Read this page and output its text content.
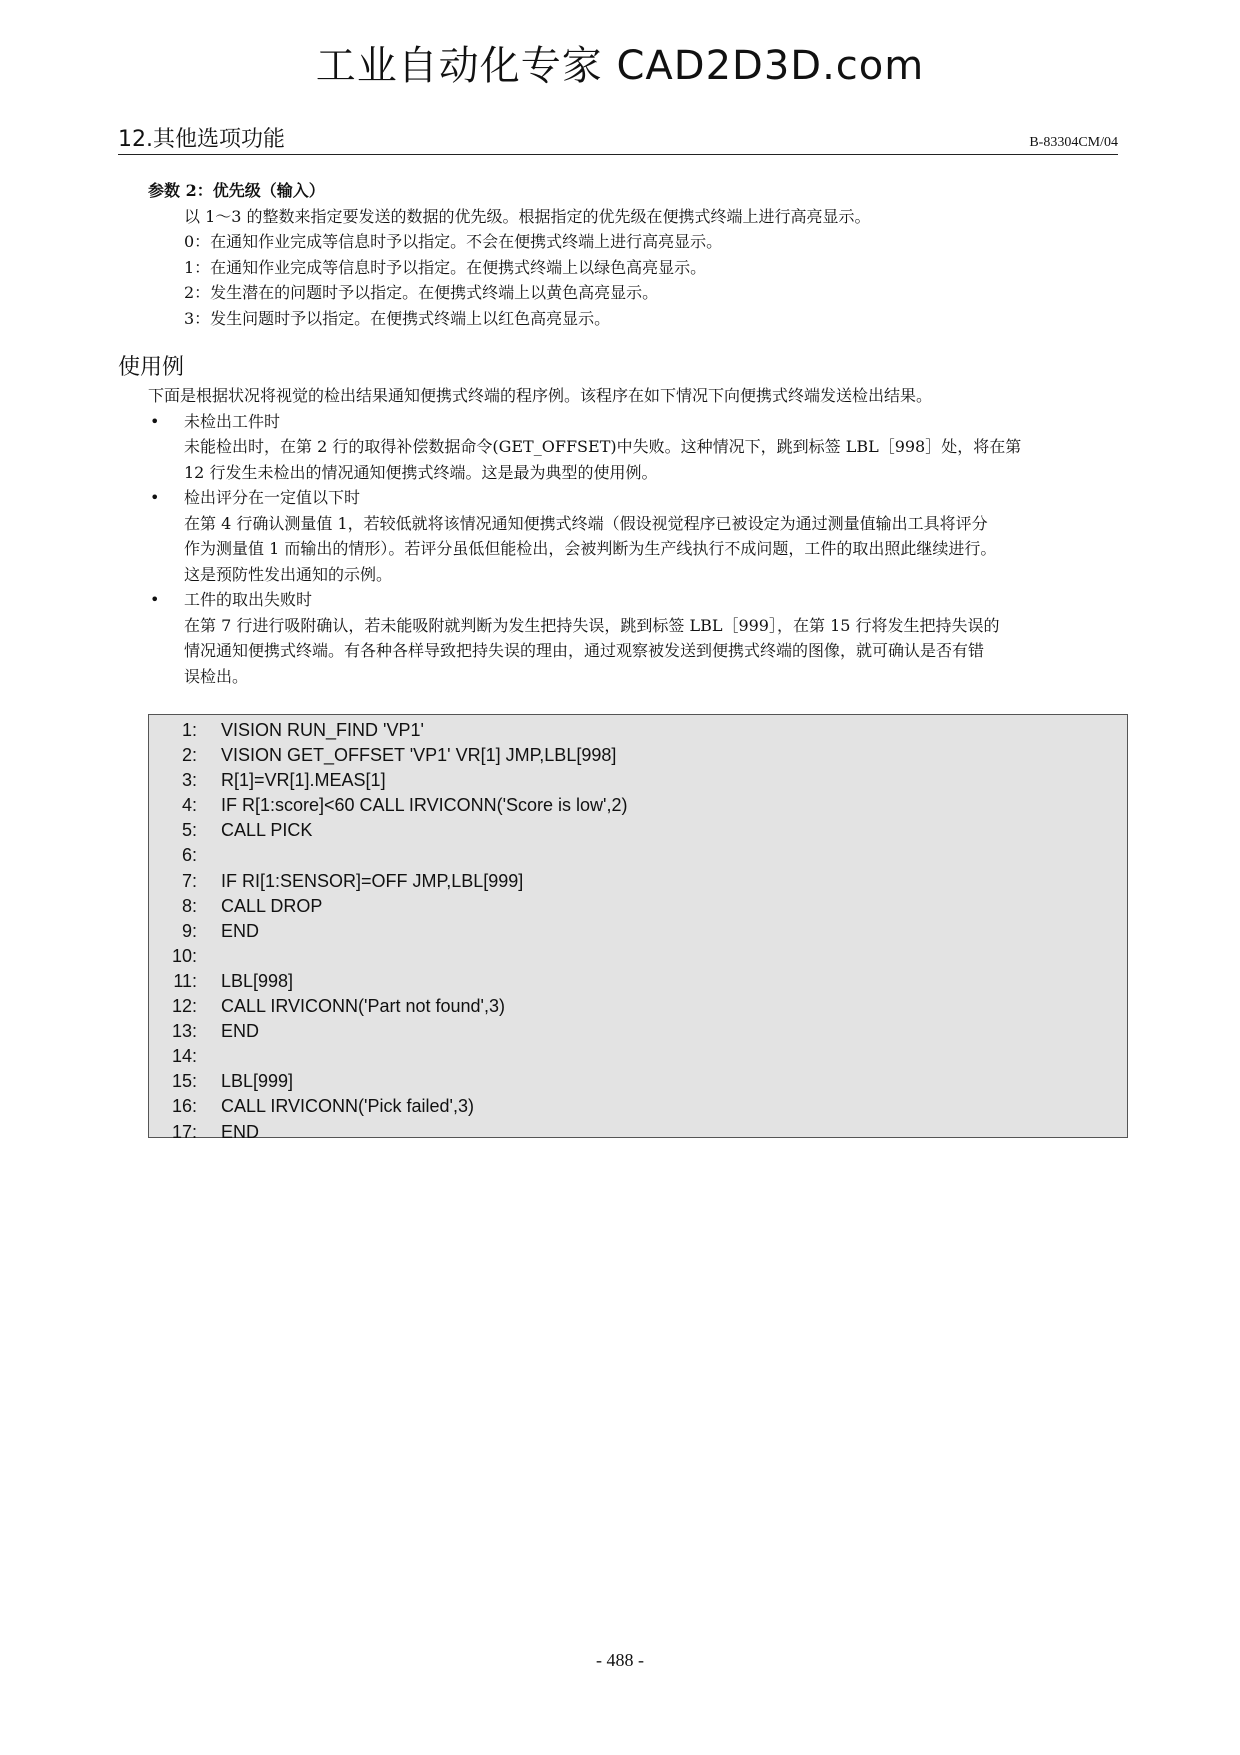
工业自动化专家 CAD2D3D.com
12.其他选项功能	B-83304CM/04
参数 2：优先级（输入）
以 1～3 的整数来指定要发送的数据的优先级。根据指定的优先级在便携式终端上进行高亮显示。
0：在通知作业完成等信息时予以指定。不会在便携式终端上进行高亮显示。
1：在通知作业完成等信息时予以指定。在便携式终端上以绿色高亮显示。
2：发生潜在的问题时予以指定。在便携式终端上以黄色高亮显示。
3：发生问题时予以指定。在便携式终端上以红色高亮显示。
使用例
下面是根据状况将视觉的检出结果通知便携式终端的程序例。该程序在如下情况下向便携式终端发送检出结果。
• 未检出工件时
未能检出时，在第 2 行的取得补偿数据命令(GET_OFFSET)中失败。这种情况下，跳到标签 LBL［998］处，将在第
12 行发生未检出的情况通知便携式终端。这是最为典型的使用例。
• 检出评分在一定值以下时
在第 4 行确认测量值 1，若较低就将该情况通知便携式终端（假设视觉程序已被设定为通过测量值输出工具将评分
作为测量值 1 而输出的情形）。若评分虽低但能检出，会被判断为生产线执行不成问题，工件的取出照此继续进行。
这是预防性发出通知的示例。
• 工件的取出失败时
在第 7 行进行吸附确认，若未能吸附就判断为发生把持失误，跳到标签 LBL［999］，在第 15 行将发生把持失误的
情况通知便携式终端。有各种各样导致把持失误的理由，通过观察被发送到便携式终端的图像，就可确认是否有错
误检出。
1: VISION RUN_FIND 'VP1'
2: VISION GET_OFFSET 'VP1' VR[1] JMP,LBL[998]
3: R[1]=VR[1].MEAS[1]
4: IF R[1:score]<60 CALL IRVICONN('Score is low',2)
5: CALL PICK
6:
7: IF RI[1:SENSOR]=OFF JMP,LBL[999]
8: CALL DROP
9: END
10:
11: LBL[998]
12: CALL IRVICONN('Part not found',3)
13: END
14:
15: LBL[999]
16: CALL IRVICONN('Pick failed',3)
17: END
- 488 -
